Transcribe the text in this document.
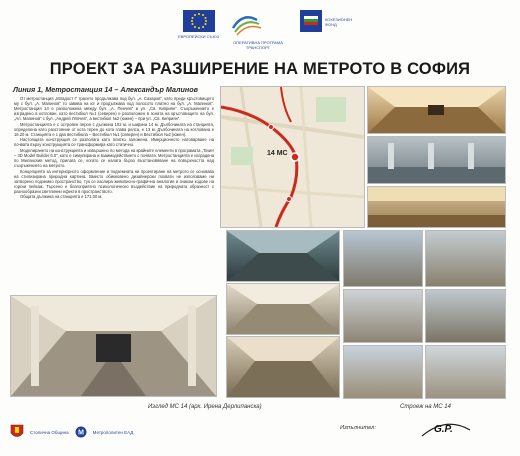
ЕВРОПЕЙСКИ СЪЮЗ
ОПЕРАТИВНА ПРОГРАМА ТРАНСПОРТ
КОХЕЗИОНЕН ФОНД
ПРОЕКТ ЗА РАЗШИРЕНИЕ НА МЕТРОТО В СОФИЯ
Линия 1, Метростанция 14 – Александър Малинов

От метростанция „Младост I“ трасето продължава под бул. „А. Сахаров“, като преди кръстовището му с бул. „А. Малинов“ то завива на юг и продължава под полосото платно на бул. „А. Малинов“. Метростанция 14 е разположена между бул. „А. Пенчев“ и ул. „Св. Киприян“. Съоръжението е изградено в котлован, като вестибюл №1 (северен) е разположен в зоната на кръстовището на бул. „Ал. Малинов“ с бул. „Андрей Ляпчев“, а вестибюл №2 (южен) – при ул. „Св. Киприян“.

Метростанцията е с островен перон с дължина 102 м. и ширина 14 м. Дълбочината на станцията, определена като разстояние от кота терен до кота глава релса, е 13 м. Дълбочината на котлована е 16.20 м. Станцията е с два вестибюла – Вестибюл №1 (северен) и Вестибюл №2 (южен).

Настоящата конструкция се разполага като плитко заложена. Имерционното натоварване на почвата върху конструкцията се трансформира като статично.

Моделирането на конструкцията и извършено по метода на крайните елементи в програмата „Tower – 3D Model Builder 6.0“, като е симулирана и взаимодействието с почвата. Метростанцията е изградена по Миланския метод, прилага се, когато се налага бързо възстановяване на повърхността над съоръжението на метрото.

Концепцията за интериорното оформление и подземната ни проектиране на метрото се основава на стилизирана природна картина. Вместо обикновено дизайнерски похвати не използваме ни затворено подземно пространство, тук се изолира живописно-графична аналогия и знаком кодове на горски пейзаж. Търсено е благоприятно психологическо въздействие на природната образност с разнообразни светлинни ефекти в пространството.

Общата дължина на станцията е 171.00 м.

14 МС
Изглед МС 14 (арх. Ирена Дерлипанска)	Строеж на МС 14
Столична Община M Метрополитен ЕАД
Изпълнител:	G.P.
